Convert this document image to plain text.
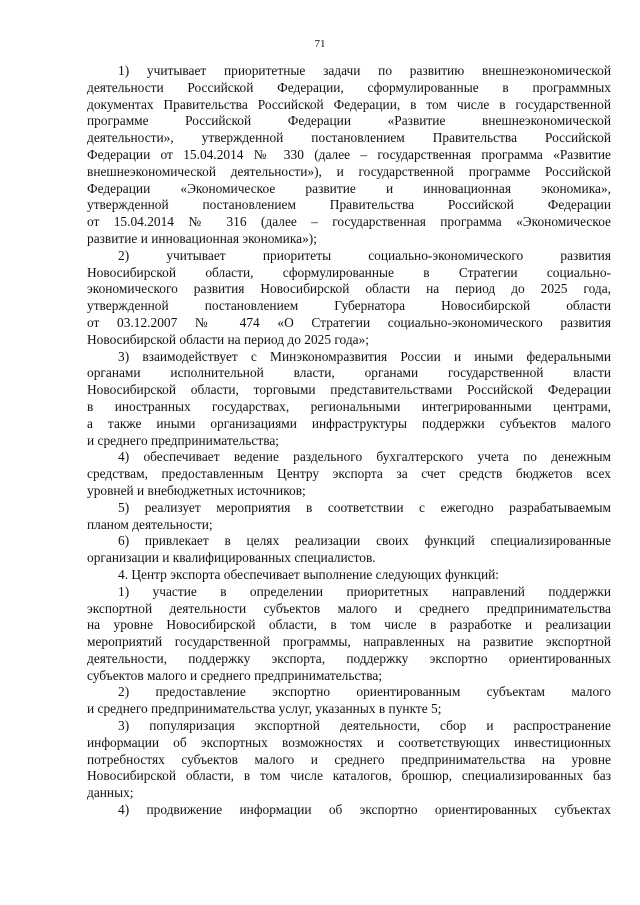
71
1) учитывает приоритетные задачи по развитию внешнеэкономической
деятельности Российской Федерации, сформулированные в программных
документах Правительства Российской Федерации, в том числе в государственной
программе Российской Федерации «Развитие внешнеэкономической
деятельности», утвержденной постановлением Правительства Российской
Федерации от 15.04.2014 № 330 (далее – государственная программа «Развитие
внешнеэкономической деятельности»), и государственной программе Российской
Федерации «Экономическое развитие и инновационная экономика»,
утвержденной постановлением Правительства Российской Федерации
от 15.04.2014 № 316 (далее – государственная программа «Экономическое
развитие и инновационная экономика»);
2) учитывает приоритеты социально-экономического развития
Новосибирской области, сформулированные в Стратегии социально-
экономического развития Новосибирской области на период до 2025 года,
утвержденной постановлением Губернатора Новосибирской области
от 03.12.2007 № 474 «О Стратегии социально-экономического развития
Новосибирской области на период до 2025 года»;
3) взаимодействует с Минэкономразвития России и иными федеральными
органами исполнительной власти, органами государственной власти
Новосибирской области, торговыми представительствами Российской Федерации
в иностранных государствах, региональными интегрированными центрами,
а также иными организациями инфраструктуры поддержки субъектов малого
и среднего предпринимательства;
4) обеспечивает ведение раздельного бухгалтерского учета по денежным
средствам, предоставленным Центру экспорта за счет средств бюджетов всех
уровней и внебюджетных источников;
5) реализует мероприятия в соответствии с ежегодно разрабатываемым
планом деятельности;
6) привлекает в целях реализации своих функций специализированные
организации и квалифицированных специалистов.
4. Центр экспорта обеспечивает выполнение следующих функций:
1) участие в определении приоритетных направлений поддержки
экспортной деятельности субъектов малого и среднего предпринимательства
на уровне Новосибирской области, в том числе в разработке и реализации
мероприятий государственной программы, направленных на развитие экспортной
деятельности, поддержку экспорта, поддержку экспортно ориентированных
субъектов малого и среднего предпринимательства;
2) предоставление экспортно ориентированным субъектам малого
и среднего предпринимательства услуг, указанных в пункте 5;
3) популяризация экспортной деятельности, сбор и распространение
информации об экспортных возможностях и соответствующих инвестиционных
потребностях субъектов малого и среднего предпринимательства на уровне
Новосибирской области, в том числе каталогов, брошюр, специализированных баз
данных;
4) продвижение информации об экспортно ориентированных субъектах
